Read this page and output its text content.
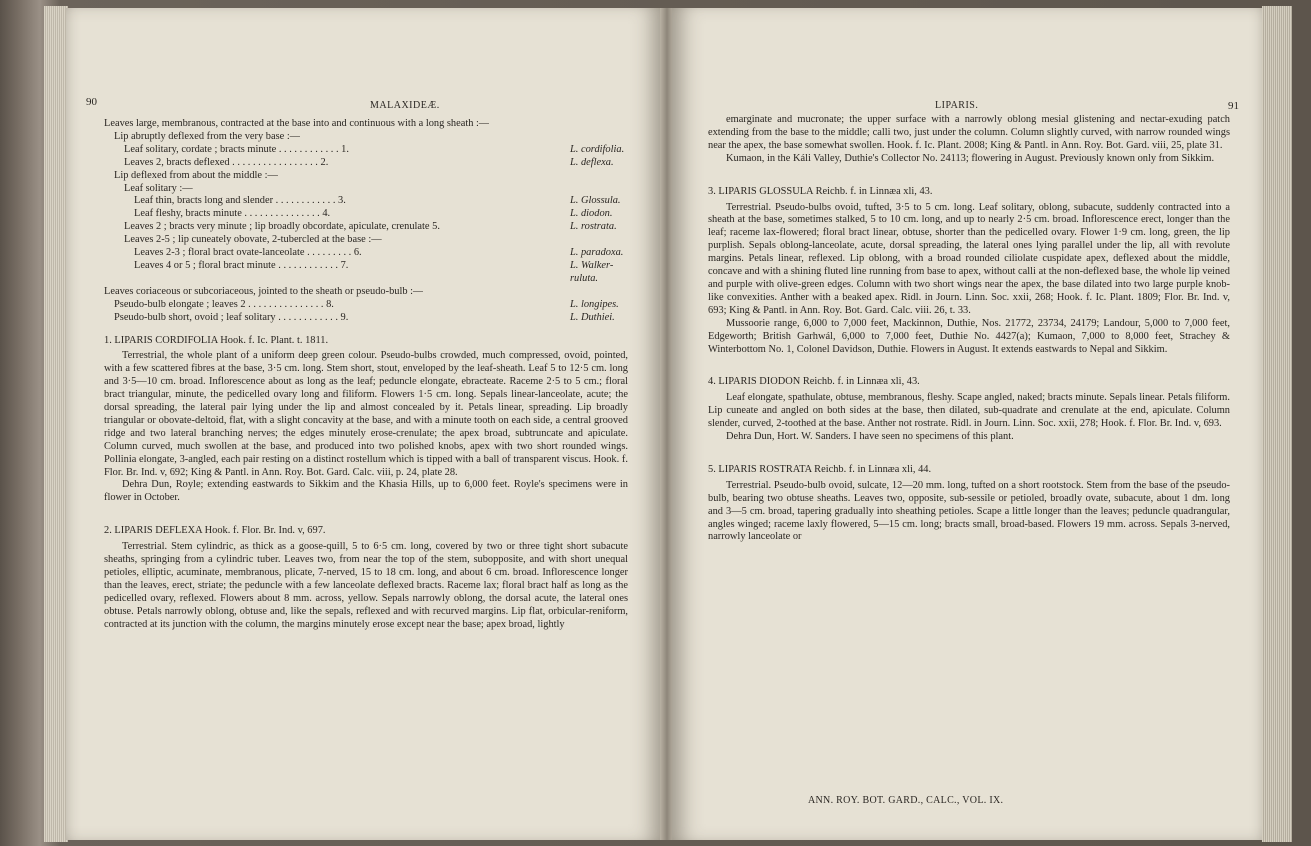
90	MALAXIDEÆ.
Leaves large, membranous, contracted at the base into and continuous with a long sheath :—
Lip abruptly deflexed from the very base :—
Leaf solitary, cordate ; bracts minute . . . . . . . . . . . . 1.	L. cordifolia.
Leaves 2, bracts deflexed . . . . . . . . . . . . . . . . . 2.	L. deflexa.
Lip deflexed from about the middle :—
Leaf solitary :—
Leaf thin, bracts long and slender . . . . . . . . . . . . 3.	L. Glossula.
Leaf fleshy, bracts minute . . . . . . . . . . . . . . . 4.	L. diodon.
Leaves 2 ; bracts very minute ; lip broadly obcordate, apiculate, crenulate 5.	L. rostrata.
Leaves 2-5 ; lip cuneately obovate, 2-tubercled at the base :—
Leaves 2-3 ; floral bract ovate-lanceolate . . . . . . . . . 6.	L. paradoxa.
Leaves 4 or 5 ; floral bract minute . . . . . . . . . . . . 7.	L. Walker-
ruluta.
Leaves coriaceous or subcoriaceous, jointed to the sheath or pseudo-bulb :—
Pseudo-bulb elongate ; leaves 2 . . . . . . . . . . . . . . . 8.	L. longipes.
Pseudo-bulb short, ovoid ; leaf solitary . . . . . . . . . . . . 9.	L. Duthiei.

1. LIPARIS CORDIFOLIA Hook. f. Ic. Plant. t. 1811.

Terrestrial, the whole plant of a uniform deep green colour. Pseudo-bulbs crowded, much compressed, ovoid, pointed, with a few scattered fibres at the base, 3·5 cm. long. Stem short, stout, enveloped by the leaf-sheath. Leaf 5 to 12·5 cm. long and 3·5—10 cm. broad. Inflorescence about as long as the leaf; peduncle elongate, ebracteate. Raceme 2·5 to 5 cm.; floral bract triangular, minute, the pedicelled ovary long and filiform. Flowers 1·5 cm. long. Sepals linear-lanceolate, acute; the dorsal spreading, the lateral pair lying under the lip and almost concealed by it. Petals linear, spreading. Lip broadly triangular or obovate-deltoid, flat, with a slight concavity at the base, and with a minute tooth on each side, a central grooved ridge and two lateral branching nerves; the edges minutely erose-crenulate; the apex broad, subtruncate and apiculate. Column curved, much swollen at the base, and produced into two polished knobs, apex with two short rounded wings. Pollinia elongate, 3-angled, each pair resting on a distinct rostellum which is tipped with a ball of transparent viscus. Hook. f. Flor. Br. Ind. v, 692; King & Pantl. in Ann. Roy. Bot. Gard. Calc. viii, p. 24, plate 28.

Dehra Dun, Royle; extending eastwards to Sikkim and the Khasia Hills, up to 6,000 feet. Royle's specimens were in flower in October.

2. LIPARIS DEFLEXA Hook. f. Flor. Br. Ind. v, 697.

Terrestrial. Stem cylindric, as thick as a goose-quill, 5 to 6·5 cm. long, covered by two or three tight short subacute sheaths, springing from a cylindric tuber. Leaves two, from near the top of the stem, subopposite, and with short unequal petioles, elliptic, acuminate, membranous, plicate, 7-nerved, 15 to 18 cm. long, and about 6 cm. broad. Inflorescence longer than the leaves, erect, striate; the peduncle with a few lanceolate deflexed bracts. Raceme lax; floral bract half as long as the pedicelled ovary, reflexed. Flowers about 8 mm. across, yellow. Sepals narrowly oblong, the dorsal acute, the lateral ones obtuse. Petals narrowly oblong, obtuse and, like the sepals, reflexed and with recurved margins. Lip flat, orbicular-reniform, contracted at its junction with the column, the margins minutely erose except near the base; apex broad, lightly

LIPARIS.	91

emarginate and mucronate; the upper surface with a narrowly oblong mesial glistening and nectar-exuding patch extending from the base to the middle; calli two, just under the column. Column slightly curved, with narrow rounded wings near the apex, the base somewhat swollen. Hook. f. Ic. Plant. 2008; King & Pantl. in Ann. Roy. Bot. Gard. viii, 25, plate 31.

Kumaon, in the Káli Valley, Duthie's Collector No. 24113; flowering in August. Previously known only from Sikkim.

3. LIPARIS GLOSSULA Reichb. f. in Linnæa xli, 43.

Terrestrial. Pseudo-bulbs ovoid, tufted, 3·5 to 5 cm. long. Leaf solitary, oblong, subacute, suddenly contracted into a sheath at the base, sometimes stalked, 5 to 10 cm. long, and up to nearly 2·5 cm. broad. Inflorescence erect, longer than the leaf; raceme lax-flowered; floral bract linear, obtuse, shorter than the pedicelled ovary. Flower 1·9 cm. long, green, the lip purplish. Sepals oblong-lanceolate, acute, dorsal spreading, the lateral ones lying parallel under the lip, all with revolute margins. Petals linear, reflexed. Lip oblong, with a broad rounded ciliolate cuspidate apex, deflexed about the middle, concave and with a shining fluted line running from base to apex, without calli at the non-deflexed base, the whole lip veined and purple with olive-green edges. Column with two short wings near the apex, the base dilated into two large purple knob-like convexities. Anther with a beaked apex. Ridl. in Journ. Linn. Soc. xxii, 268; Hook. f. Ic. Plant. 1809; Flor. Br. Ind. v, 693; King & Pantl. in Ann. Roy. Bot. Gard. Calc. viii. 26, t. 33.

Mussoorie range, 6,000 to 7,000 feet, Mackinnon, Duthie, Nos. 21772, 23734, 24179; Landour, 5,000 to 7,000 feet, Edgeworth; British Garhwál, 6,000 to 7,000 feet, Duthie No. 4427(a); Kumaon, 7,000 to 8,000 feet, Strachey & Winterbottom No. 1, Colonel Davidson, Duthie. Flowers in August. It extends eastwards to Nepal and Sikkim.

4. LIPARIS DIODON Reichb. f. in Linnæa xli, 43.

Leaf elongate, spathulate, obtuse, membranous, fleshy. Scape angled, naked; bracts minute. Sepals linear. Petals filiform. Lip cuneate and angled on both sides at the base, then dilated, sub-quadrate and crenulate at the end, apiculate. Column slender, curved, 2-toothed at the base. Anther not rostrate. Ridl. in Journ. Linn. Soc. xxii, 278; Hook. f. Flor. Br. Ind. v, 693.

Dehra Dun, Hort. W. Sanders. I have seen no specimens of this plant.

5. LIPARIS ROSTRATA Reichb. f. in Linnæa xli, 44.

Terrestrial. Pseudo-bulb ovoid, sulcate, 12—20 mm. long, tufted on a short rootstock. Stem from the base of the pseudo-bulb, bearing two obtuse sheaths. Leaves two, opposite, sub-sessile or petioled, broadly ovate, subacute, about 1 dm. long and 3—5 cm. broad, tapering gradually into sheathing petioles. Scape a little longer than the leaves; peduncle quadrangular, angles winged; raceme laxly flowered, 5—15 cm. long; bracts small, broad-based. Flowers 19 mm. across. Sepals 3-nerved, narrowly lanceolate or

ANN. ROY. BOT. GARD., CALC., VOL. IX.
